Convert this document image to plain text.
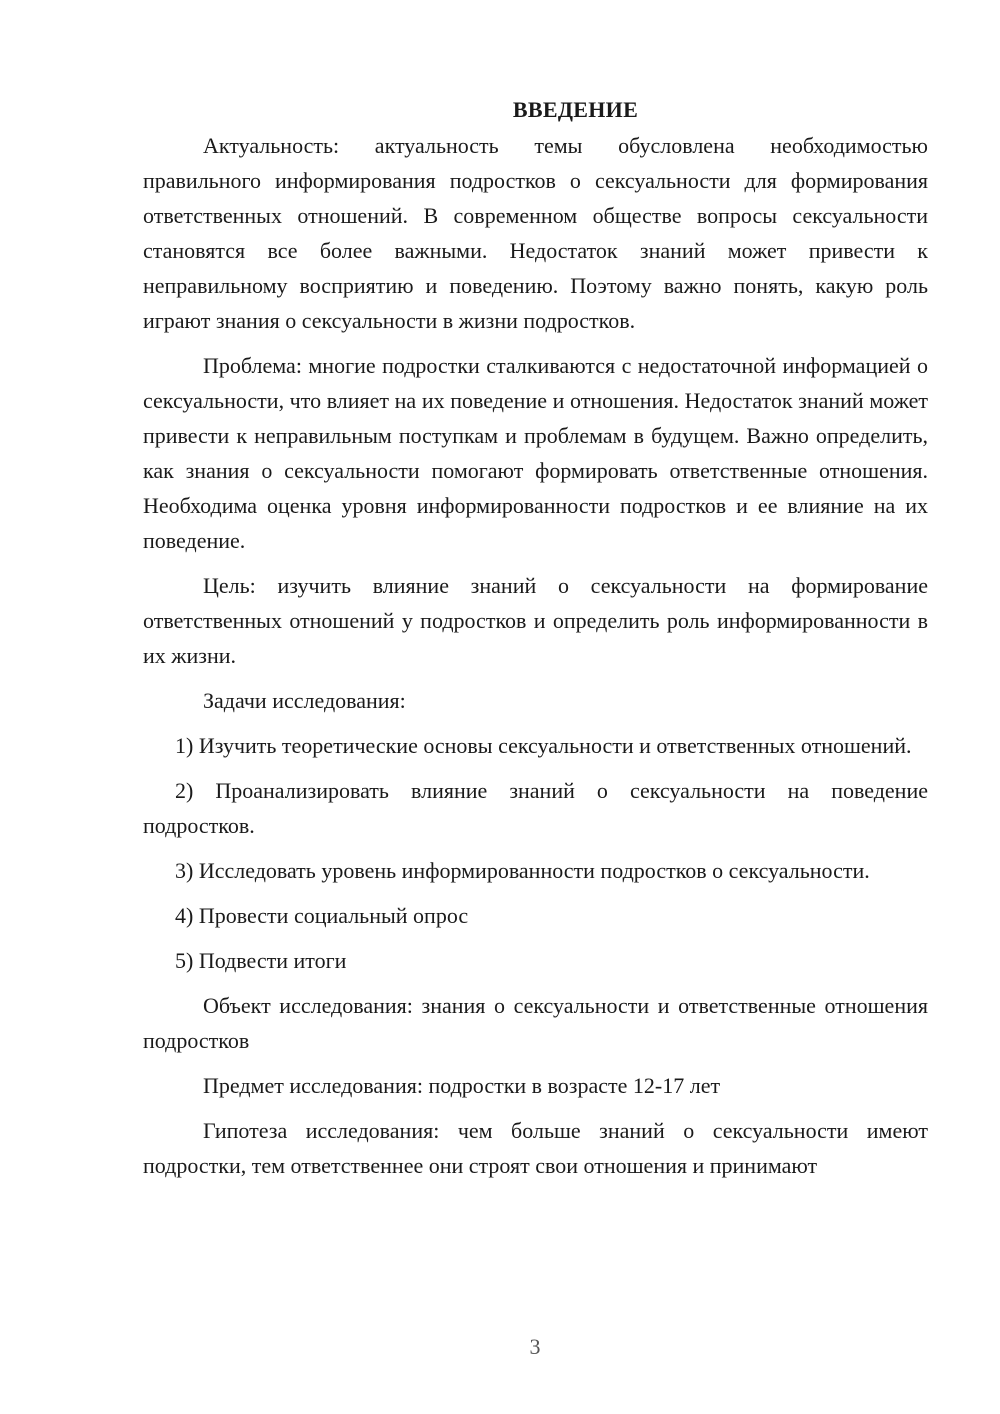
ВВЕДЕНИЕ

Актуальность: актуальность темы обусловлена необходимостью правильного информирования подростков о сексуальности для формирования ответственных отношений. В современном обществе вопросы сексуальности становятся все более важными. Недостаток знаний может привести к неправильному восприятию и поведению. Поэтому важно понять, какую роль играют знания о сексуальности в жизни подростков.

Проблема: многие подростки сталкиваются с недостаточной информацией о сексуальности, что влияет на их поведение и отношения. Недостаток знаний может привести к неправильным поступкам и проблемам в будущем. Важно определить, как знания о сексуальности помогают формировать ответственные отношения. Необходима оценка уровня информированности подростков и ее влияние на их поведение.

Цель: изучить влияние знаний о сексуальности на формирование ответственных отношений у подростков и определить роль информированности в их жизни.

Задачи исследования:

1) Изучить теоретические основы сексуальности и ответственных отношений.

2) Проанализировать влияние знаний о сексуальности на поведение подростков.

3) Исследовать уровень информированности подростков о сексуальности.

4) Провести социальный опрос

5) Подвести итоги

Объект исследования: знания о сексуальности и ответственные отношения подростков

Предмет исследования: подростки в возрасте 12-17 лет

Гипотеза исследования: чем больше знаний о сексуальности имеют подростки, тем ответственнее они строят свои отношения и принимают

3
